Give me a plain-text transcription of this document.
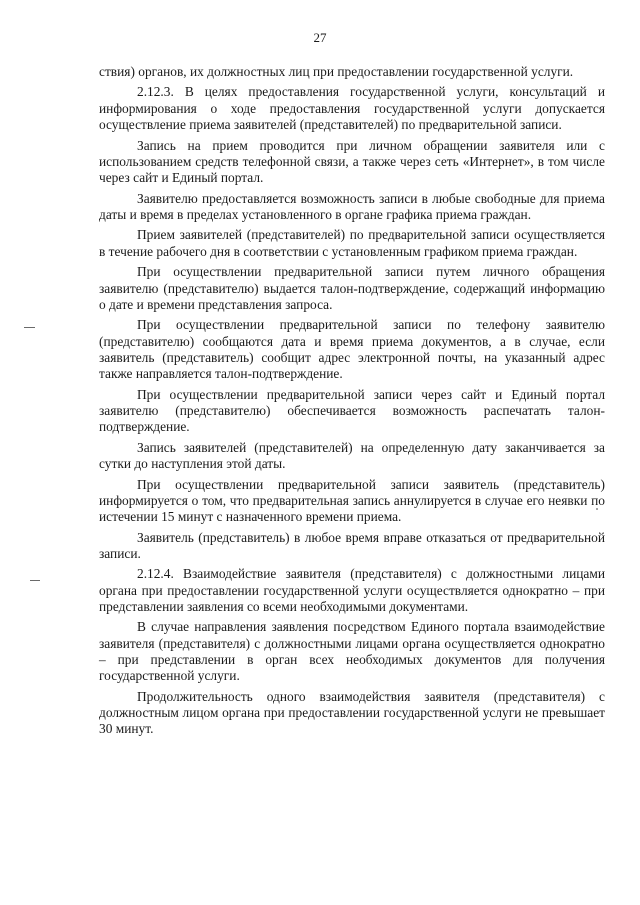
27

ствия) органов, их должностных лиц при предоставлении государственной услуги.

2.12.3. В целях предоставления государственной услуги, консультаций и информирования о ходе предоставления государственной услуги допускается осуществление приема заявителей (представителей) по предварительной записи.

Запись на прием проводится при личном обращении заявителя или с использованием средств телефонной связи, а также через сеть «Интернет», в том числе через сайт и Единый портал.

Заявителю предоставляется возможность записи в любые свободные для приема даты и время в пределах установленного в органе графика приема граждан.

Прием заявителей (представителей) по предварительной записи осуществляется в течение рабочего дня в соответствии с установленным графиком приема граждан.

При осуществлении предварительной записи путем личного обращения заявителю (представителю) выдается талон-подтверждение, содержащий информацию о дате и времени представления запроса.

При осуществлении предварительной записи по телефону заявителю (представителю) сообщаются дата и время приема документов, а в случае, если заявитель (представитель) сообщит адрес электронной почты, на указанный адрес также направляется талон-подтверждение.

При осуществлении предварительной записи через сайт и Единый портал заявителю (представителю) обеспечивается возможность распечатать талон-подтверждение.

Запись заявителей (представителей) на определенную дату заканчивается за сутки до наступления этой даты.

При осуществлении предварительной записи заявитель (представитель) информируется о том, что предварительная запись аннулируется в случае его неявки по истечении 15 минут с назначенного времени приема.

Заявитель (представитель) в любое время вправе отказаться от предварительной записи.

2.12.4. Взаимодействие заявителя (представителя) с должностными лицами органа при предоставлении государственной услуги осуществляется однократно – при представлении заявления со всеми необходимыми документами.

В случае направления заявления посредством Единого портала взаимодействие заявителя (представителя) с должностными лицами органа осуществляется однократно – при представлении в орган всех необходимых документов для получения государственной услуги.

Продолжительность одного взаимодействия заявителя (представителя) с должностным лицом органа при предоставлении государственной услуги не превышает 30 минут.
